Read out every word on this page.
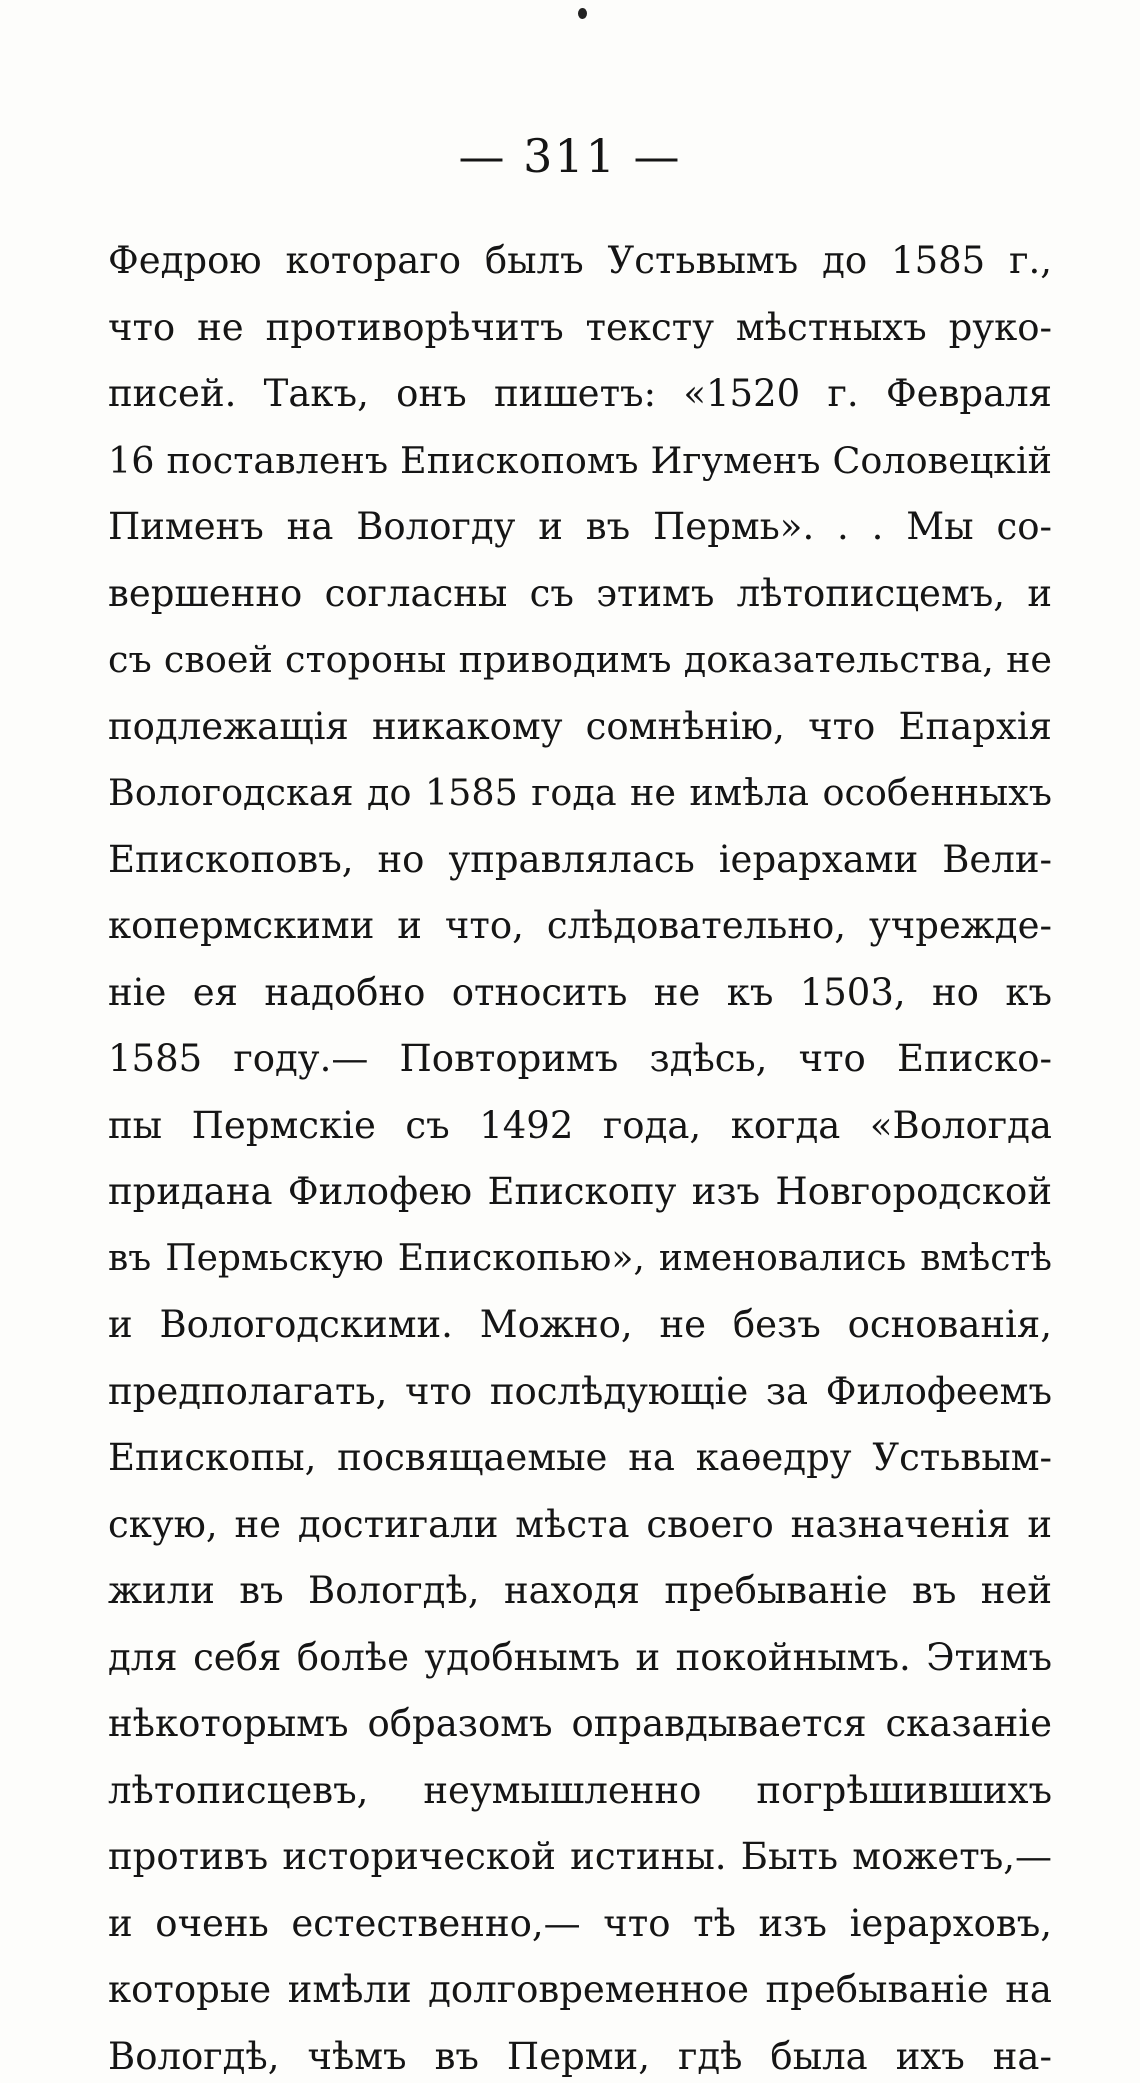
— 311 —
Федрою котораго былъ Устьвымъ до 1585 г.,
что не противорѣчитъ тексту мѣстныхъ руко-
писей. Такъ, онъ пишетъ: «1520 г. Февраля
16 поставленъ Епископомъ Игуменъ Соловецкій
Пименъ на Вологду и въ Пермь». . . Мы со-
вершенно согласны съ этимъ лѣтописцемъ, и
съ своей стороны приводимъ доказательства, не
подлежащія никакому сомнѣнію, что Епархія
Вологодская до 1585 года не имѣла особенныхъ
Епископовъ, но управлялась іерархами Вели-
копермскими и что, слѣдовательно, учрежде-
ніе ея надобно относить не къ 1503, но къ
1585 году.— Повторимъ здѣсь, что Еписко-
пы Пермскіе съ 1492 года, когда «Вологда
придана Филофею Епископу изъ Новгородской
въ Пермьскую Епископью», именовались вмѣстѣ
и Вологодскими. Можно, не безъ основанія,
предполагать, что послѣдующіе за Филофеемъ
Епископы, посвящаемые на каѳедру Устьвым-
скую, не достигали мѣста своего назначенія и
жили въ Вологдѣ, находя пребываніе въ ней
для себя болѣе удобнымъ и покойнымъ. Этимъ
нѣкоторымъ образомъ оправдывается сказаніе
лѣтописцевъ, неумышленно погрѣшившихъ
противъ исторической истины. Быть можетъ,—
и очень естественно,— что тѣ изъ іерарховъ,
которые имѣли долговременное пребываніе на
Вологдѣ, чѣмъ въ Перми, гдѣ была ихъ на-
